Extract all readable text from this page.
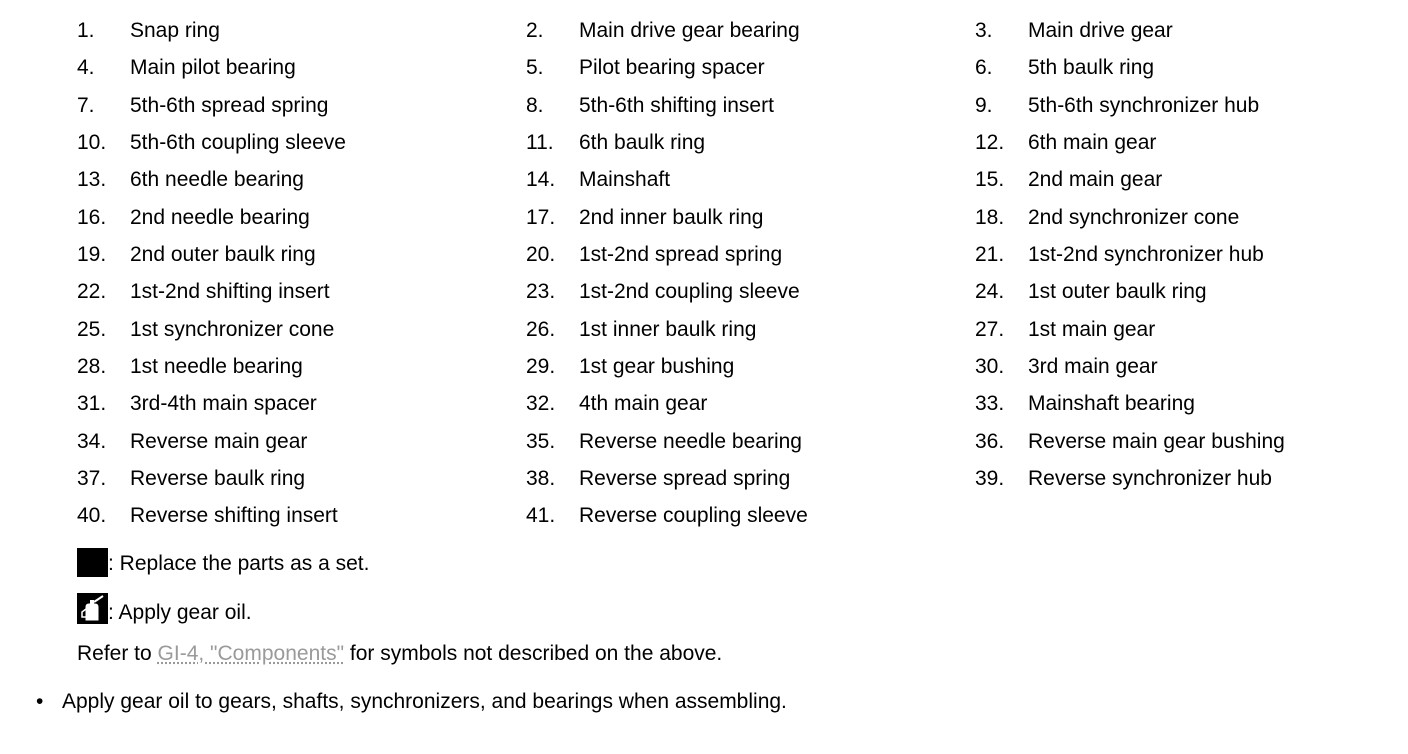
1. Snap ring	2. Main drive gear bearing	3. Main drive gear
4. Main pilot bearing	5. Pilot bearing spacer	6. 5th baulk ring
7. 5th-6th spread spring	8. 5th-6th shifting insert	9. 5th-6th synchronizer hub
10. 5th-6th coupling sleeve	11. 6th baulk ring	12. 6th main gear
13. 6th needle bearing	14. Mainshaft	15. 2nd main gear
16. 2nd needle bearing	17. 2nd inner baulk ring	18. 2nd synchronizer cone
19. 2nd outer baulk ring	20. 1st-2nd spread spring	21. 1st-2nd synchronizer hub
22. 1st-2nd shifting insert	23. 1st-2nd coupling sleeve	24. 1st outer baulk ring
25. 1st synchronizer cone	26. 1st inner baulk ring	27. 1st main gear
28. 1st needle bearing	29. 1st gear bushing	30. 3rd main gear
31. 3rd-4th main spacer	32. 4th main gear	33. Mainshaft bearing
34. Reverse main gear	35. Reverse needle bearing	36. Reverse main gear bushing
37. Reverse baulk ring	38. Reverse spread spring	39. Reverse synchronizer hub
40. Reverse shifting insert	41. Reverse coupling sleeve
: Replace the parts as a set.
: Apply gear oil.
Refer to GI-4, "Components" for symbols not described on the above.
• Apply gear oil to gears, shafts, synchronizers, and bearings when assembling.
